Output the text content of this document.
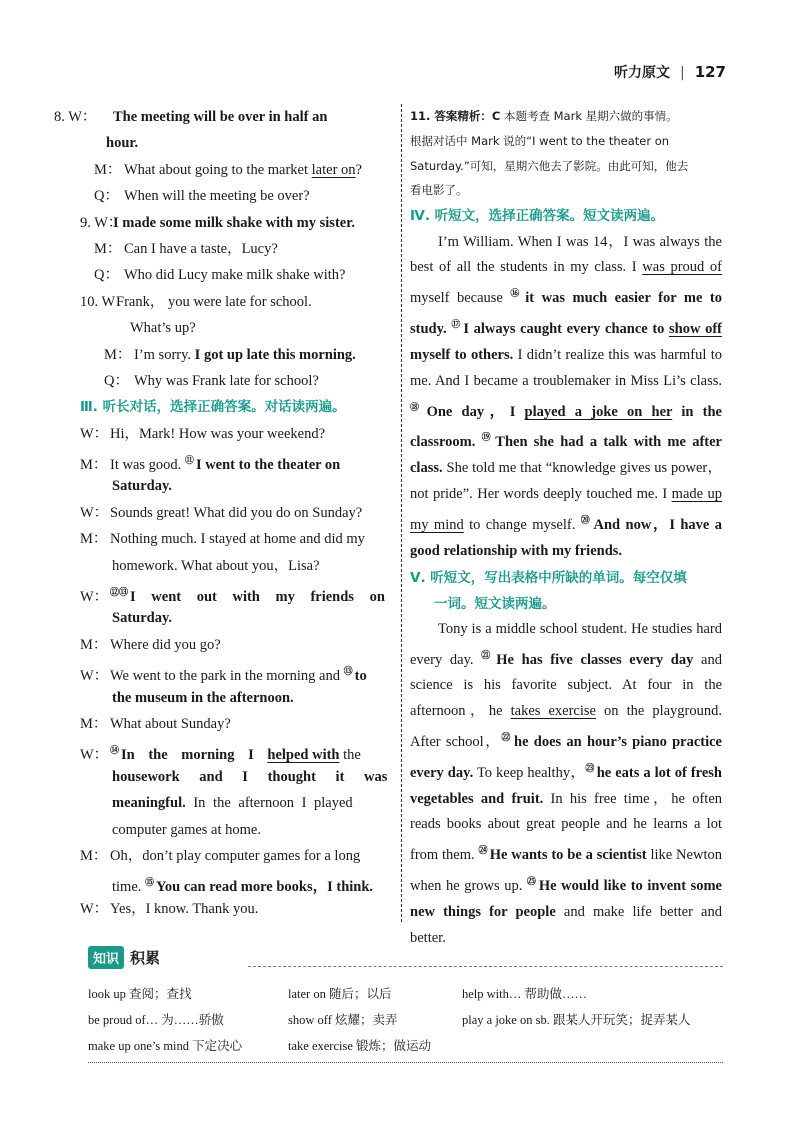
听力原文 | 127
8. W： The meeting will be over in half an
hour.
M： What about going to the market later on?
Q： When will the meeting be over?
9. W：I made some milk shake with my sister.
M： Can I have a taste，Lucy?
Q： Who did Lucy make milk shake with?
10. W：Frank， you were late for school.
What’s up?
M： I’m sorry. I got up late this morning.
Q： Why was Frank late for school?
Ⅲ. 听长对话，选择正确答案。对话读两遍。
W： Hi，Mark! How was your weekend?
M： It was good. ⑪ I went to the theater on
Saturday.
W： Sounds great! What did you do on Sunday?
M： Nothing much. I stayed at home and did my
homework. What about you，Lisa?
W： ⑫⑬ I went out with my friends on
Saturday.
M： Where did you go?
W： We went to the park in the morning and ⑬ to
the museum in the afternoon.
M： What about Sunday?
W： ⑭ In the morning I helped with the
housework and I thought it was
meaningful. In the afternoon I played
computer games at home.
M： Oh，don’t play computer games for a long
time. ⑮ You can read more books，I think.
W： Yes，I know. Thank you.
11. 答案精析：C 本题考查 Mark 星期六做的事情。
根据对话中 Mark 说的“I went to the theater on
Saturday.”可知，星期六他去了影院。由此可知，他去
看电影了。
Ⅳ. 听短文，选择正确答案。短文读两遍。

I’m William. When I was 14，I was always the best of all the students in my class. I was proud of myself because ⑯ it was much easier for me to study. ⑰ I always caught every chance to show off myself to others. I didn’t realize this was harmful to me. And I became a troublemaker in Miss Li’s class. ⑱ One day，I played a joke on her in the classroom. ⑲ Then she had a talk with me after class. She told me that “knowledge gives us power，not pride”. Her words deeply touched me. I made up my mind to change myself. ⑳ And now，I have a good relationship with my friends.

Ⅴ. 听短文，写出表格中所缺的单词。每空仅填
一词。短文读两遍。

Tony is a middle school student. He studies hard every day. $^㉑$ He has five classes every day and science is his favorite subject. At four in the afternoon，he takes exercise on the playground. After school，$^㉒$ he does an hour’s piano practice every day. To keep healthy，$^㉓$ he eats a lot of fresh vegetables and fruit. In his free time，he often reads books about great people and he learns a lot from them. $^㉔$ He wants to be a scientist like Newton when he grows up. $^㉕$ He would like to invent some new things for people and make life better and better.

知识 积累
look up 查阅；查找	later on 随后；以后	help with… 帮助做……
be proud of… 为……骄傲	show off 炫耀；卖弄	play a joke on sb. 跟某人开玩笑；捉弄某人
make up one’s mind 下定决心	take exercise 锻炼；做运动
